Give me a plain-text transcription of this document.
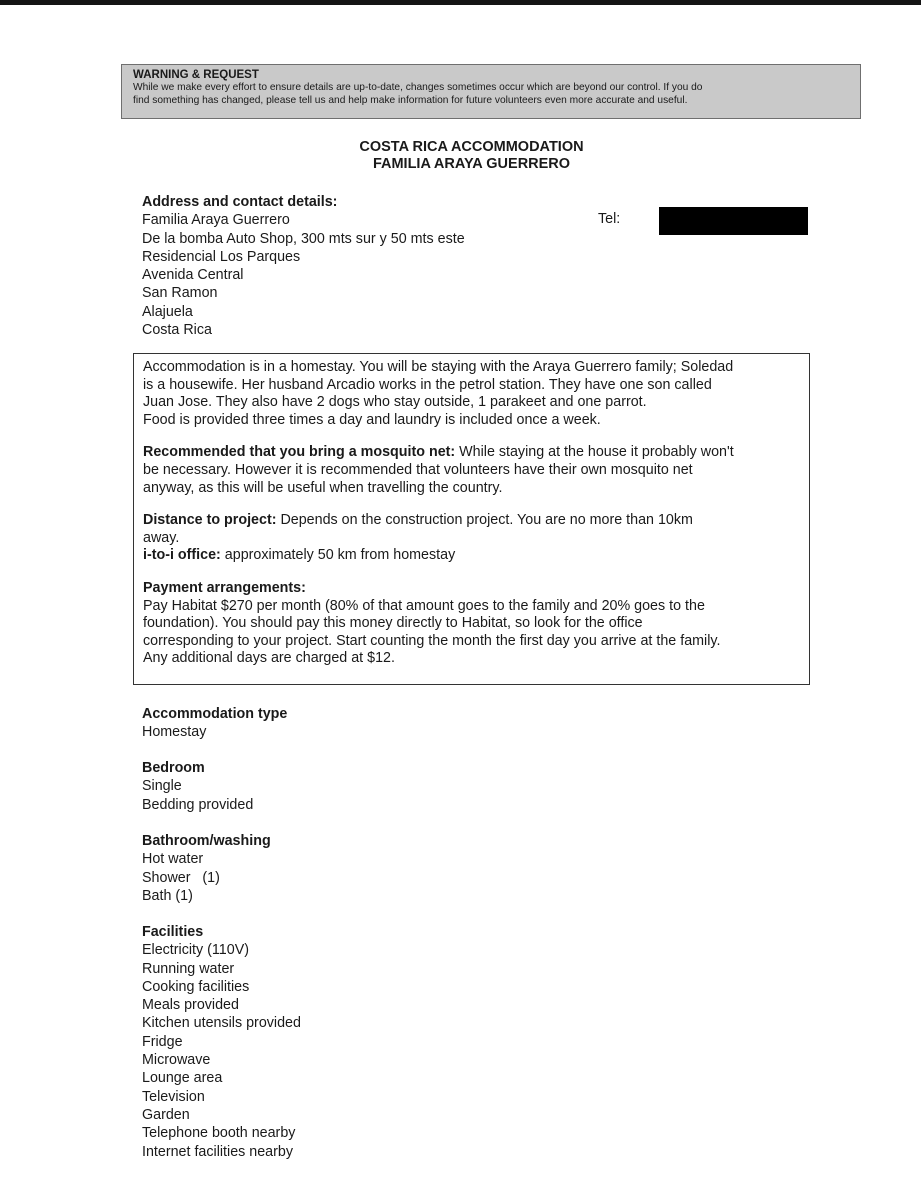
WARNING & REQUEST
While we make every effort to ensure details are up-to-date, changes sometimes occur which are beyond our control. If you do
find something has changed, please tell us and help make information for future volunteers even more accurate and useful.
COSTA RICA ACCOMMODATION
FAMILIA ARAYA GUERRERO
Address and contact details:
Familia Araya Guerrero
De la bomba Auto Shop, 300 mts sur y 50 mts este
Residencial Los Parques
Avenida Central
San Ramon
Alajuela
Costa Rica
Tel:

Accommodation is in a homestay. You will be staying with the Araya Guerrero family; Soledad

is a housewife. Her husband Arcadio works in the petrol station. They have one son called

Juan Jose. They also have 2 dogs who stay outside, 1 parakeet and one parrot.

Food is provided three times a day and laundry is included once a week.

Recommended that you bring a mosquito net: While staying at the house it probably won't

be necessary. However it is recommended that volunteers have their own mosquito net

anyway, as this will be useful when travelling the country.

Distance to project: Depends on the construction project. You are no more than 10km

away.

i-to-i office: approximately 50 km from homestay

Payment arrangements:

Pay Habitat $270 per month (80% of that amount goes to the family and 20% goes to the

foundation). You should pay this money directly to Habitat, so look for the office

corresponding to your project. Start counting the month the first day you arrive at the family.

Any additional days are charged at $12.

Accommodation type
Homestay
Bedroom
Single
Bedding provided
Bathroom/washing
Hot water
Shower   (1)
Bath (1)
Facilities
Electricity (110V)
Running water
Cooking facilities
Meals provided
Kitchen utensils provided
Fridge
Microwave
Lounge area
Television
Garden
Telephone booth nearby
Internet facilities nearby
